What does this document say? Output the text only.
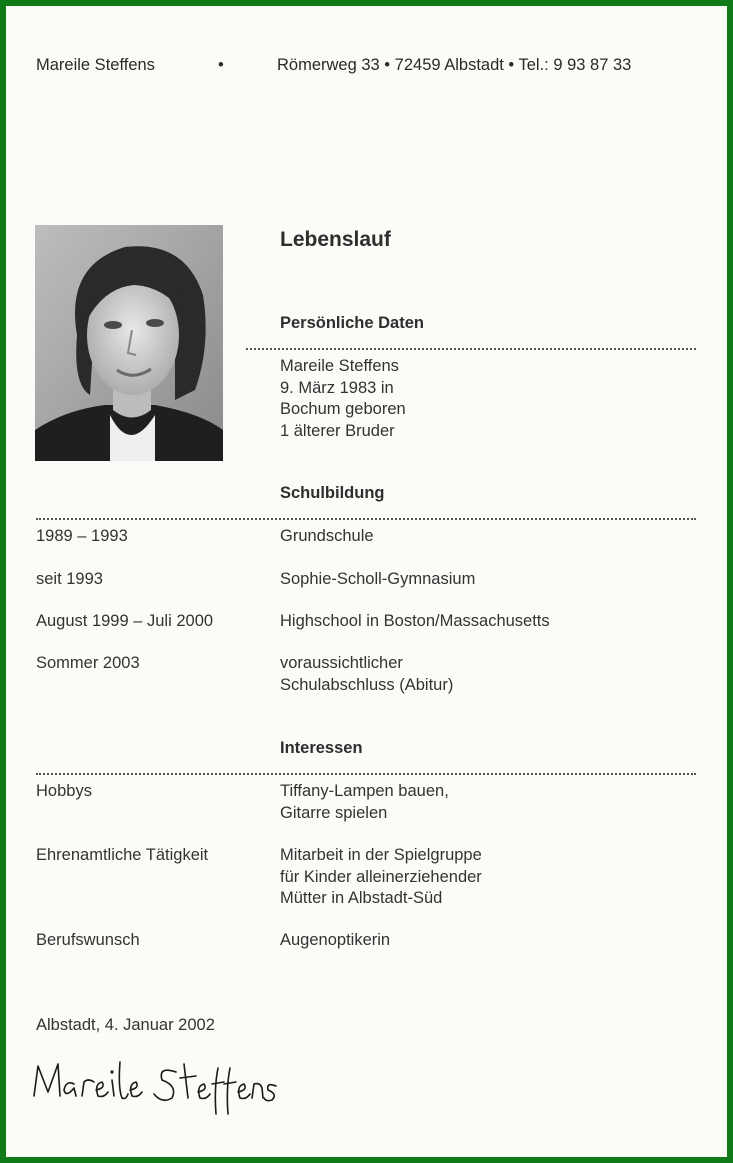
Mareile Steffens	•	Römerweg 33 • 72459 Albstadt • Tel.: 9 93 87 33
Lebenslauf
Persönliche Daten
Mareile Steffens
9. März 1983 in
Bochum geboren
1 älterer Bruder
Schulbildung
1989 – 1993	Grundschule
seit 1993	Sophie-Scholl-Gymnasium
August 1999 – Juli 2000	Highschool in Boston/Massachusetts
Sommer 2003	voraussichtlicher
Schulabschluss (Abitur)
Interessen
Hobbys	Tiffany-Lampen bauen,
Gitarre spielen
Ehrenamtliche Tätigkeit	Mitarbeit in der Spielgruppe
für Kinder alleinerziehender
Mütter in Albstadt-Süd
Berufswunsch	Augenoptikerin
Albstadt, 4. Januar 2002
